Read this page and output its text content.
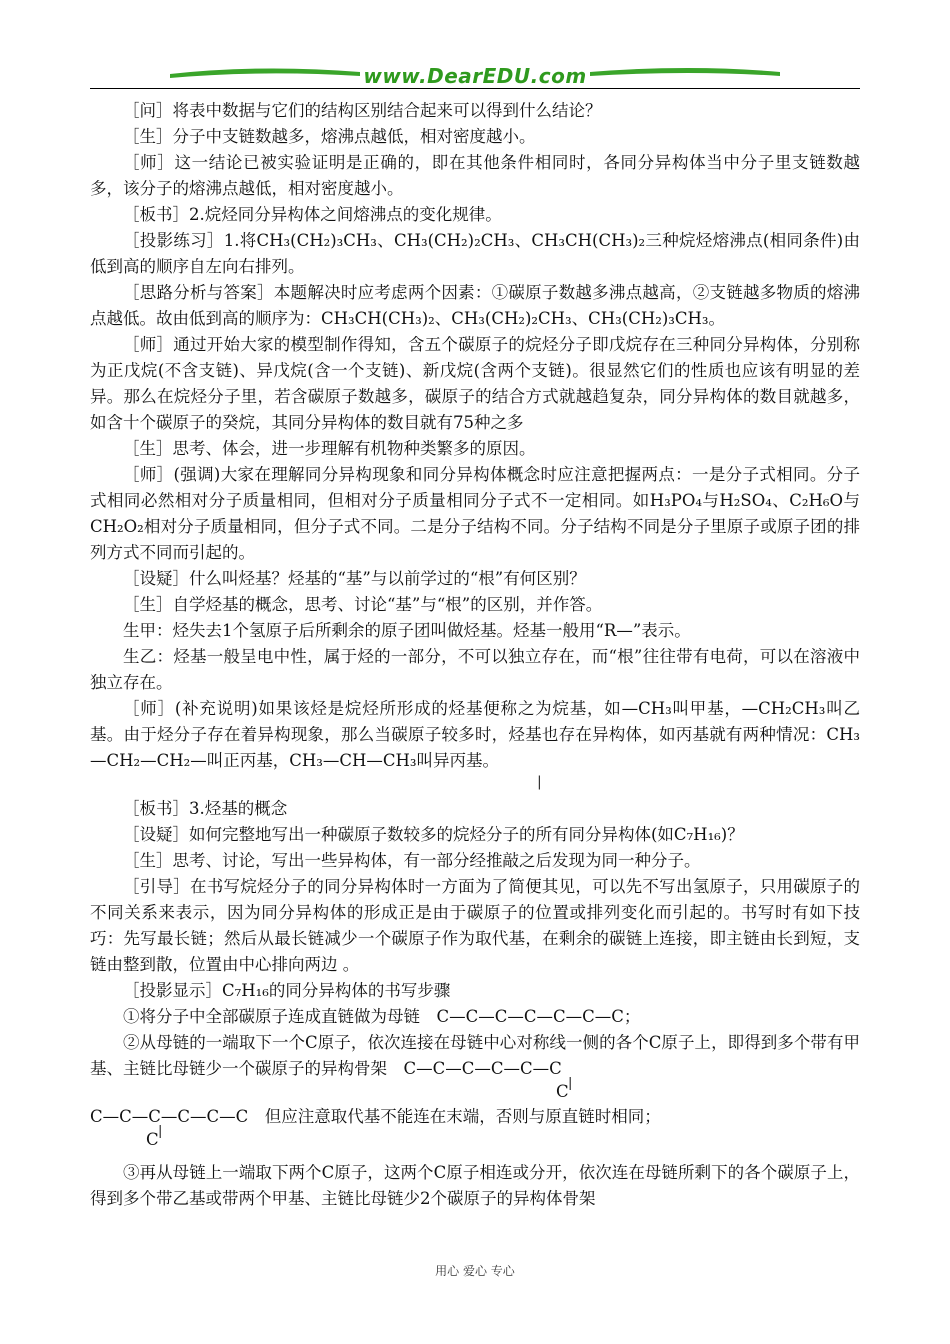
www.DearEDU.com

［问］将表中数据与它们的结构区别结合起来可以得到什么结论？

［生］分子中支链数越多，熔沸点越低，相对密度越小。

［师］这一结论已被实验证明是正确的，即在其他条件相同时，各同分异构体当中分子里支链数越多，该分子的熔沸点越低，相对密度越小。

［板书］2.烷烃同分异构体之间熔沸点的变化规律。

［投影练习］1.将CH₃(CH₂)₃CH₃、CH₃(CH₂)₂CH₃、CH₃CH(CH₃)₂三种烷烃熔沸点(相同条件)由低到高的顺序自左向右排列。

［思路分析与答案］本题解决时应考虑两个因素：①碳原子数越多沸点越高，②支链越多物质的熔沸点越低。故由低到高的顺序为：CH₃CH(CH₃)₂、CH₃(CH₂)₂CH₃、CH₃(CH₂)₃CH₃。

［师］通过开始大家的模型制作得知，含五个碳原子的烷烃分子即戊烷存在三种同分异构体，分别称为正戊烷(不含支链)、异戊烷(含一个支链)、新戊烷(含两个支链)。很显然它们的性质也应该有明显的差异。那么在烷烃分子里，若含碳原子数越多，碳原子的结合方式就越趋复杂，同分异构体的数目就越多，如含十个碳原子的癸烷，其同分异构体的数目就有75种之多

［生］思考、体会，进一步理解有机物种类繁多的原因。

［师］(强调)大家在理解同分异构现象和同分异构体概念时应注意把握两点：一是分子式相同。分子式相同必然相对分子质量相同，但相对分子质量相同分子式不一定相同。如H₃PO₄与H₂SO₄、C₂H₆O与CH₂O₂相对分子质量相同，但分子式不同。二是分子结构不同。分子结构不同是分子里原子或原子团的排列方式不同而引起的。

［设疑］什么叫烃基？烃基的“基”与以前学过的“根”有何区别？

［生］自学烃基的概念，思考、讨论“基”与“根”的区别，并作答。

生甲：烃失去1个氢原子后所剩余的原子团叫做烃基。烃基一般用“R—”表示。

生乙：烃基一般呈电中性，属于烃的一部分，不可以独立存在，而“根”往往带有电荷，可以在溶液中独立存在。

［师］(补充说明)如果该烃是烷烃所形成的烃基便称之为烷基，如—CH₃叫甲基，—CH₂CH₃叫乙基。由于烃分子存在着异构现象，那么当碳原子较多时，烃基也存在异构体，如丙基就有两种情况：CH₃—CH₂—CH₂—叫正丙基，CH₃—CH—CH₃叫异丙基。

|

［板书］3.烃基的概念

［设疑］如何完整地写出一种碳原子数较多的烷烃分子的所有同分异构体(如C₇H₁₆)？

［生］思考、讨论，写出一些异构体，有一部分经推敲之后发现为同一种分子。

［引导］在书写烷烃分子的同分异构体时一方面为了简便其见，可以先不写出氢原子，只用碳原子的不同关系来表示，因为同分异构体的形成正是由于碳原子的位置或排列变化而引起的。书写时有如下技巧：先写最长链；然后从最长链减少一个碳原子作为取代基，在剩余的碳链上连接，即主链由长到短，支链由整到散，位置由中心排向两边 。

［投影显示］C₇H₁₆的同分异构体的书写步骤

①将分子中全部碳原子连成直链做为母链　C—C—C—C—C—C—C；

②从母链的一端取下一个C原子，依次连接在母链中心对称线一侧的各个C原子上，即得到多个带有甲基、主链比母链少一个碳原子的异构骨架　C—C—C—C—C—C

C |

C—C—C—C—C—C　但应注意取代基不能连在末端，否则与原直链时相同；

C |

③再从母链上一端取下两个C原子，这两个C原子相连或分开，依次连在母链所剩下的各个碳原子上，得到多个带乙基或带两个甲基、主链比母链少2个碳原子的异构体骨架

用心 爱心 专心
